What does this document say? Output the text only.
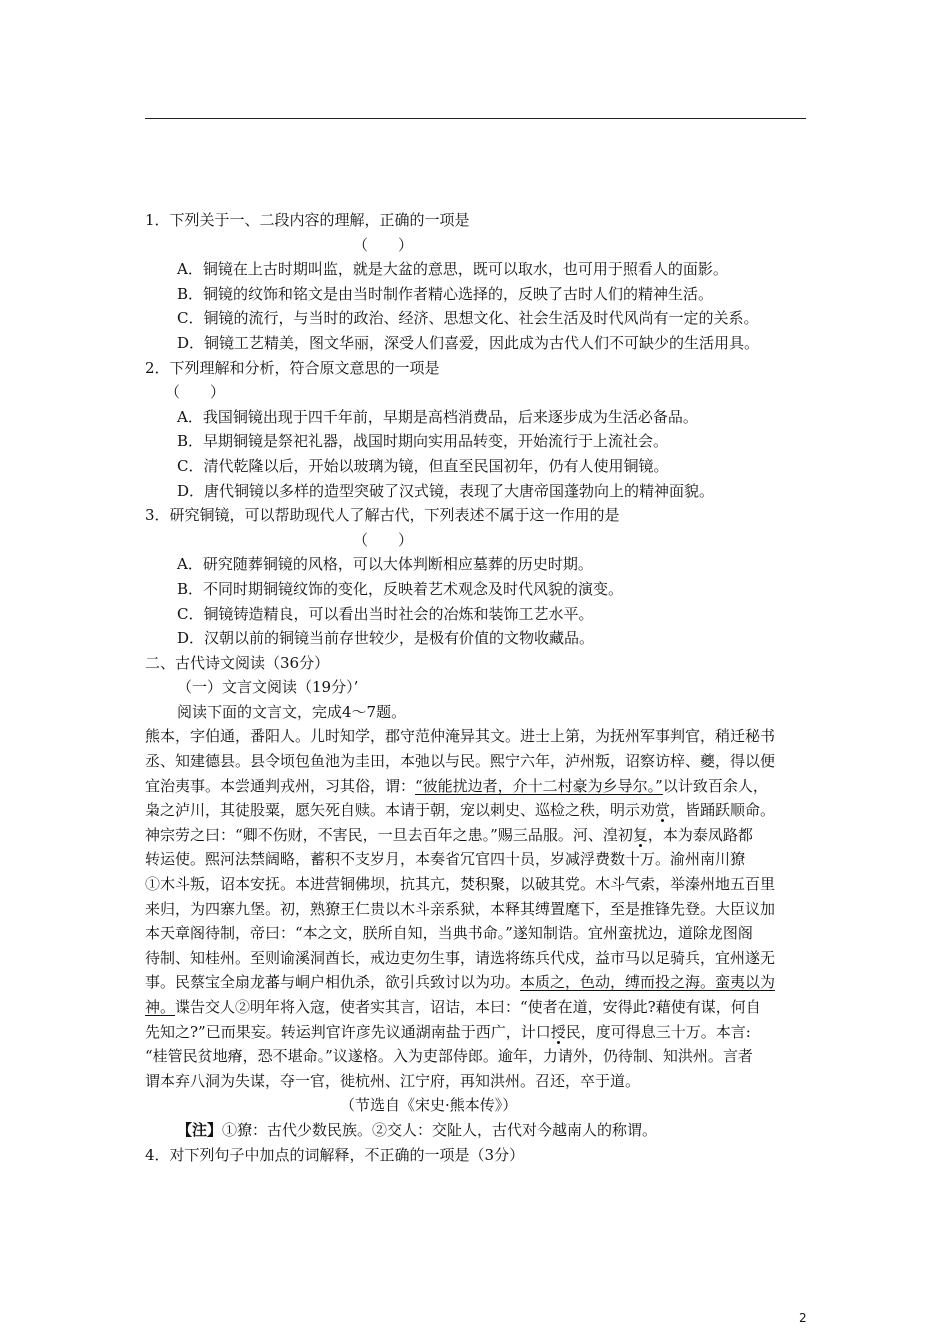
1．下列关于一、二段内容的理解，正确的一项是
（　　）
A．铜镜在上古时期叫监，就是大盆的意思，既可以取水，也可用于照看人的面影。
B．铜镜的纹饰和铭文是由当时制作者精心选择的，反映了古时人们的精神生活。
C．铜镜的流行，与当时的政治、经济、思想文化、社会生活及时代风尚有一定的关系。
D．铜镜工艺精美，图文华丽，深受人们喜爱，因此成为古代人们不可缺少的生活用具。
2．下列理解和分析，符合原文意思的一项是
（　　）
A．我国铜镜出现于四千年前，早期是高档消费品，后来逐步成为生活必备品。
B．早期铜镜是祭祀礼器，战国时期向实用品转变，开始流行于上流社会。
C．清代乾隆以后，开始以玻璃为镜，但直至民国初年，仍有人使用铜镜。
D．唐代铜镜以多样的造型突破了汉式镜，表现了大唐帝国蓬勃向上的精神面貌。
3．研究铜镜，可以帮助现代人了解古代，下列表述不属于这一作用的是
（　　）
A．研究随葬铜镜的风格，可以大体判断相应墓葬的历史时期。
B．不同时期铜镜纹饰的变化，反映着艺术观念及时代风貌的演变。
C．铜镜铸造精良，可以看出当时社会的冶炼和装饰工艺水平。
D．汉朝以前的铜镜当前存世较少，是极有价值的文物收藏品。
二、古代诗文阅读（36分）
（一）文言文阅读（19分）’
阅读下面的文言文，完成4～7题。
熊本，字伯通，番阳人。儿时知学，郡守范仲淹异其文。进士上第，为抚州军事判官，稍迁秘书
丞、知建德县。县令顷包鱼池为圭田，本弛以与民。熙宁六年，泸州叛，诏察访梓、夔，得以便
宜治夷事。本尝通判戎州，习其俗，谓：“彼能扰边者，介十二村豪为乡导尔。”以计致百余人，
枭之泸川，其徒股粟，愿矢死自赎。本请于朝，宠以刺史、巡检之秩，明示劝赏，皆踊跃顺命。
神宗劳之曰：“卿不伤财，不害民，一旦去百年之患。”赐三品服。河、湟初复，本为泰凤路都
转运使。熙河法禁阔略，蓄积不支岁月，本奏省冗官四十员，岁减浮费数十万。渝州南川獠
①木斗叛，诏本安抚。本进营铜佛坝，抗其亢，焚积聚，以破其党。木斗气索，举溱州地五百里
来归，为四寨九堡。初，熟獠王仁贵以木斗亲系狱，本释其缚置麾下，至是推锋先登。大臣议加
本天章阁待制，帝曰：“本之文，朕所自知，当典书命。”遂知制诰。宜州蛮扰边，道除龙图阁
待制、知桂州。至则谕溪洞酋长，戒边吏勿生事，请选将练兵代戍，益市马以足骑兵，宜州遂无
事。民蔡宝全扇龙蕃与峒户相仇杀，欲引兵致讨以为功。本质之，色动，缚而投之海。蛮夷以为
神。谍告交人②明年将入寇，使者实其言，诏诘，本曰：“使者在道，安得此?藉使有谋，何自
先知之?”已而果妄。转运判官许彦先议通湖南盐于西广，计口授民，度可得息三十万。本言:
“桂管民贫地瘠，恐不堪命。”议遂格。入为吏部侍郎。逾年，力请外，仍待制、知洪州。言者
谓本弃八洞为失谋，夺一官，徙杭州、江宁府，再知洪州。召还，卒于道。
（节选自《宋史·熊本传》）
【注】①獠：古代少数民族。②交人：交阯人，古代对今越南人的称谓。
4．对下列句子中加点的词解释，不正确的一项是（3分）
2
